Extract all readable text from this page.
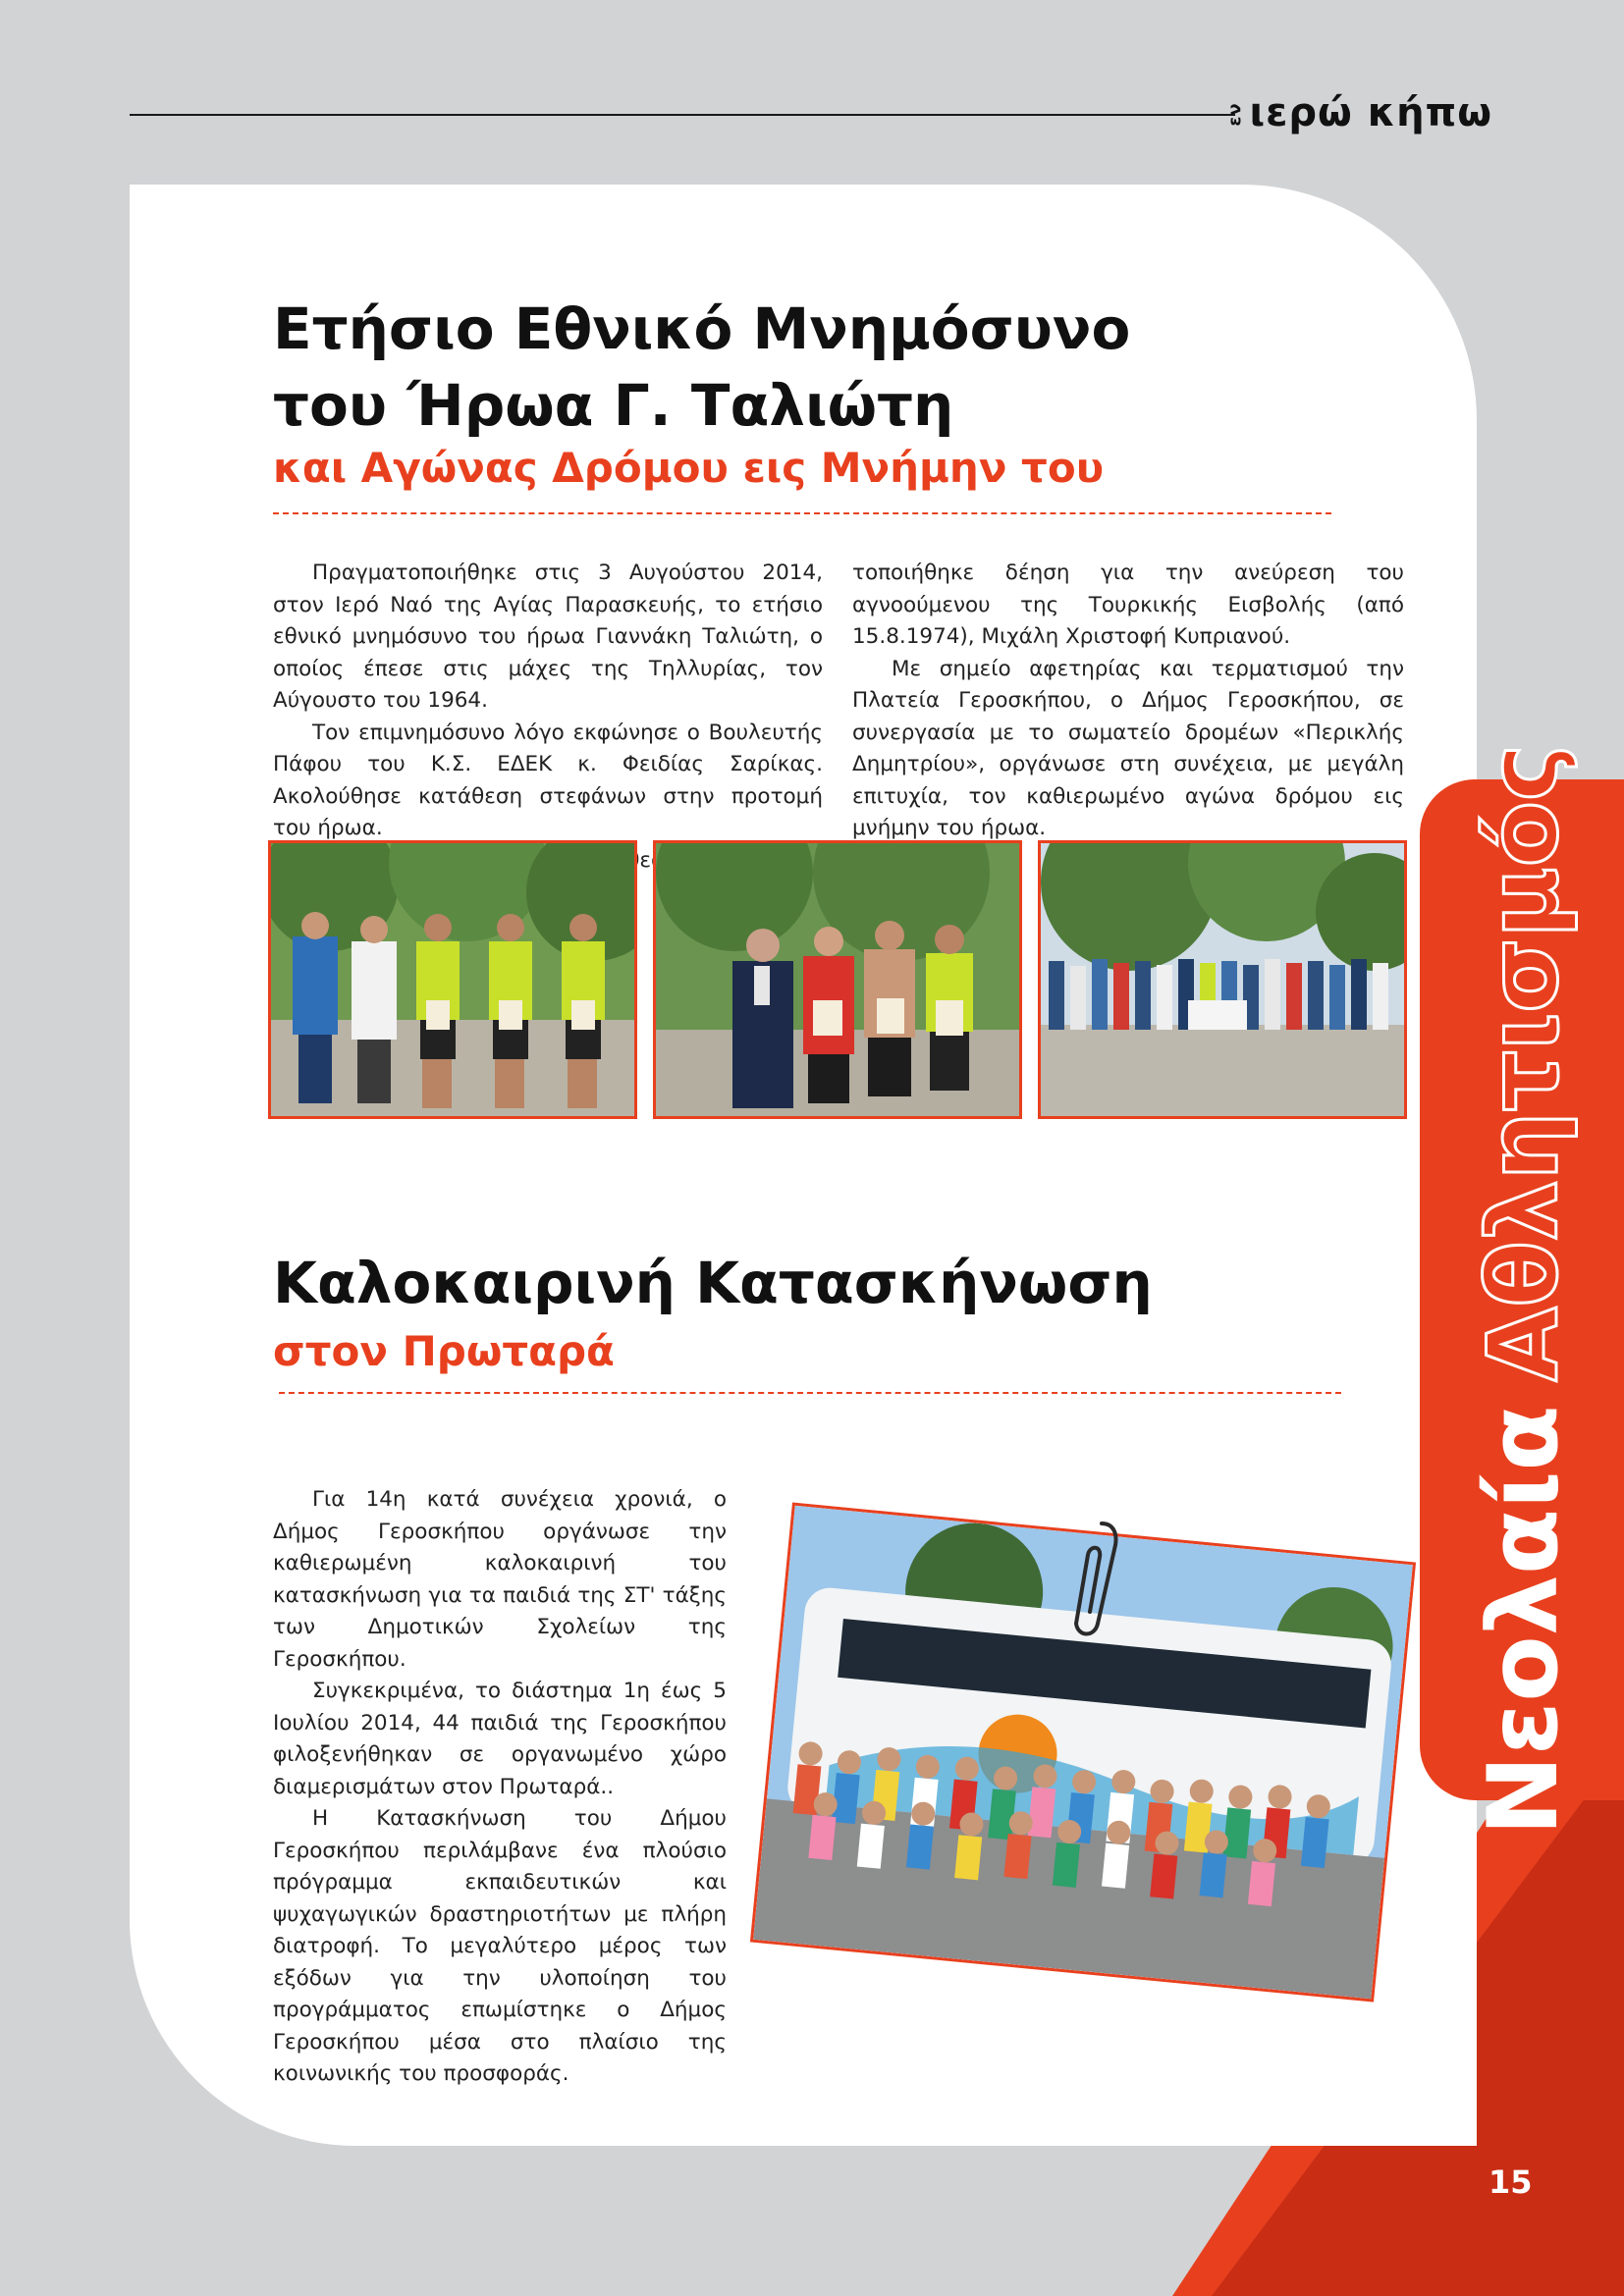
ενιερώ κήπω
ΝεολαίαΑθλητισμός
Ετήσιο Εθνικό Μνημόσυνο
του Ήρωα Γ. Ταλιώτη
και Αγώνας Δρόμου εις Μνήμην του

Πραγματοποιήθηκε στις 3 Αυγούστου 2014, στον Ιερό Ναό της Αγίας Παρασκευής, το ετήσιο εθνικό μνημόσυνο του ήρωα Γιαννάκη Ταλιώτη, ο οποίος έπεσε στις μάχες της Τηλλυρίας, τον Αύγουστο του 1964.

Τον επιμνημόσυνο λόγο εκφώνησε ο Βουλευτής Πάφου του Κ.Σ. ΕΔΕΚ κ. Φειδίας Σαρίκας. Ακολούθησε κατάθεση στεφάνων στην προτομή του ήρωα.

τοποιήθηκε δέηση για την ανεύρεση του αγνοούμενου της Τουρκικής Εισβολής (από 15.8.1974), Μιχάλη Χριστοφή Κυπριανού.

Με σημείο αφετηρίας και τερματισμού την Πλατεία Γεροσκήπου, ο Δήμος Γεροσκήπου, σε συνεργασία με το σωματείο δρομέων «Περικλής Δημητρίου», οργάνωσε στη συνέχεια, με μεγάλη επιτυχία, τον καθιερωμένο αγώνα δρόμου εις μνήμην του ήρωα.

Καλοκαιρινή Κατασκήνωση
στον Πρωταρά

Για 14η κατά συνέχεια χρονιά, ο Δήμος Γεροσκήπου οργάνωσε την καθιερωμένη καλοκαιρινή του κατασκήνωση για τα παιδιά της ΣΤ' τάξης των Δημοτικών Σχολείων της Γεροσκήπου.

Συγκεκριμένα, το διάστημα 1η έως 5 Ιουλίου 2014, 44 παιδιά της Γεροσκήπου φιλοξενήθηκαν σε οργανωμένο χώρο διαμερισμάτων στον Πρωταρά..

Η Κατασκήνωση του Δήμου Γεροσκήπου περιλάμβανε ένα πλούσιο πρόγραμμα εκπαιδευτικών και ψυχαγωγικών δραστηριοτήτων με πλήρη διατροφή. Το μεγαλύτερο μέρος των εξόδων για την υλοποίηση του προγράμματος επωμίστηκε ο Δήμος Γεροσκήπου μέσα στο πλαίσιο της κοινωνικής του προσφοράς.

15
